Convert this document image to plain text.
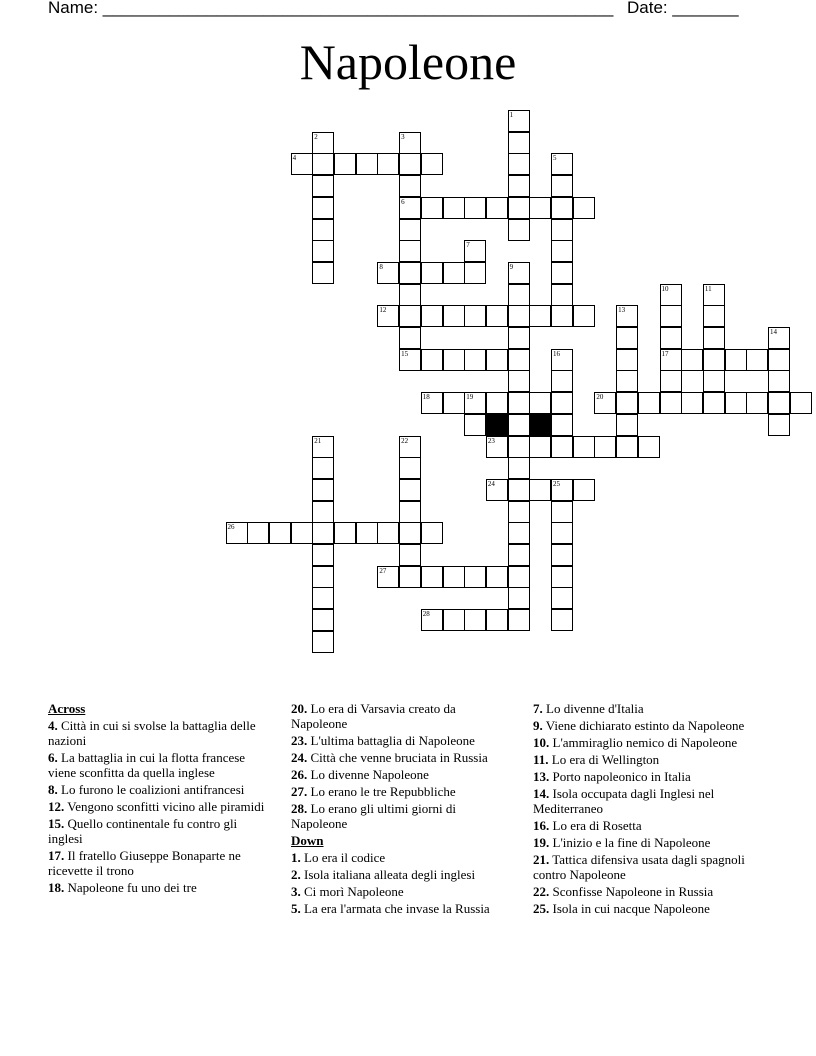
Name: ______________________________________________________ Date: _______
Napoleone
1
2	3
4	5
6
7
8	9
10	11
12	13
14
15	16	17
18	19	20
21	22	23
24	25
26
27
28
Across
4. Città in cui si svolse la battaglia delle nazioni
6. La battaglia in cui la flotta francese viene sconfitta da quella inglese
8. Lo furono le coalizioni antifrancesi
12. Vengono sconfitti vicino alle piramidi
15. Quello continentale fu contro gli inglesi
17. Il fratello Giuseppe Bonaparte ne ricevette il trono
18. Napoleone fu uno dei tre
20. Lo era di Varsavia creato da Napoleone
23. L'ultima battaglia di Napoleone
24. Città che venne bruciata in Russia
26. Lo divenne Napoleone
27. Lo erano le tre Repubbliche
28. Lo erano gli ultimi giorni di Napoleone
Down
1. Lo era il codice
2. Isola italiana alleata degli inglesi
3. Ci morì Napoleone
5. La era l'armata che invase la Russia
7. Lo divenne d'Italia
9. Viene dichiarato estinto da Napoleone
10. L'ammiraglio nemico di Napoleone
11. Lo era di Wellington
13. Porto napoleonico in Italia
14. Isola occupata dagli Inglesi nel Mediterraneo
16. Lo era di Rosetta
19. L'inizio e la fine di Napoleone
21. Tattica difensiva usata dagli spagnoli contro Napoleone
22. Sconfisse Napoleone in Russia
25. Isola in cui nacque Napoleone
